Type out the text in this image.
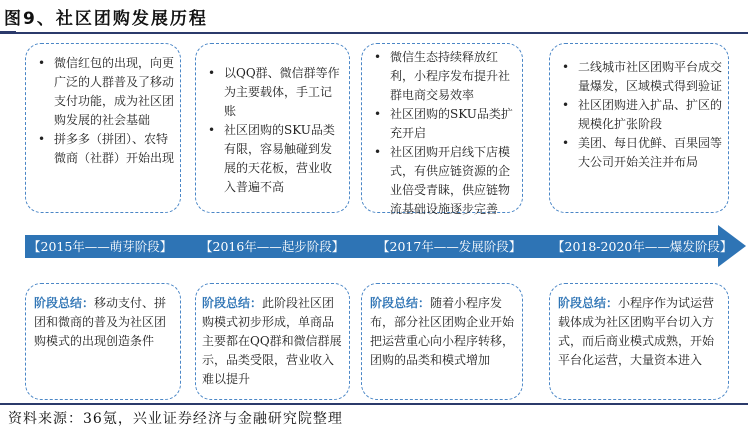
图9、社区团购发展历程
• 微信红包的出现，向更广泛的人群普及了移动支付功能，成为社区团购发展的社会基础
• 拼多多（拼团）、农特微商（社群）开始出现
• 以QQ群、微信群等作为主要载体，手工记账
• 社区团购的SKU品类有限，容易触碰到发展的天花板，营业收入普遍不高
• 微信生态持续释放红利，小程序发布提升社群电商交易效率
• 社区团购的SKU品类扩充开启
• 社区团购开启线下店模式，有供应链资源的企业倍受青睐，供应链物流基础设施逐步完善
• 二线城市社区团购平台成交量爆发，区域模式得到验证
• 社区团购进入扩品、扩区的规模化扩张阶段
• 美团、每日优鲜、百果园等大公司开始关注并布局
【2015年——萌芽阶段】 【2016年——起步阶段】	【2017年——发展阶段】 【2018-2020年——爆发阶段】
阶段总结：移动支付、拼团和微商的普及为社区团购模式的出现创造条件
阶段总结：此阶段社区团购模式初步形成，单商品主要都在QQ群和微信群展示，品类受限，营业收入难以提升
阶段总结：随着小程序发布，部分社区团购企业开始把运营重心向小程序转移，团购的品类和模式增加
阶段总结：小程序作为试运营载体成为社区团购平台切入方式，而后商业模式成熟，开始平台化运营，大量资本进入
资料来源：36氪，兴业证券经济与金融研究院整理
